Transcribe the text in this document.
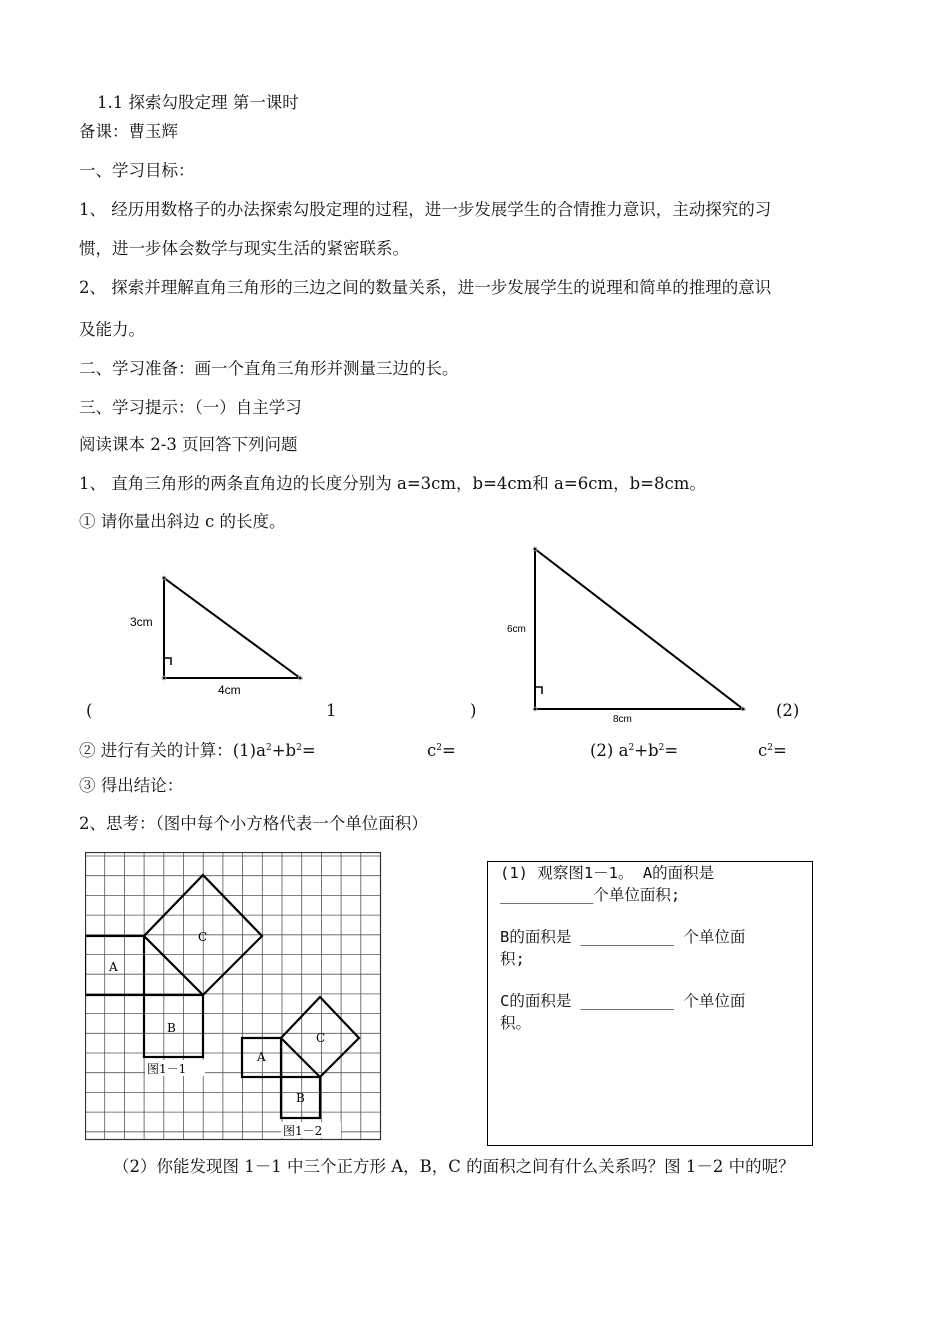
1.1 探索勾股定理 第一课时
备课：曹玉辉
一、学习目标：
1、 经历用数格子的办法探索勾股定理的过程，进一步发展学生的合情推力意识，主动探究的习
惯，进一步体会数学与现实生活的紧密联系。
2、 探索并理解直角三角形的三边之间的数量关系，进一步发展学生的说理和简单的推理的意识
及能力。
二、学习准备：画一个直角三角形并测量三边的长。
三、学习提示：（一）自主学习
阅读课本 2-3 页回答下列问题
1、 直角三角形的两条直角边的长度分别为 a=3cm，b=4cm和 a=6cm，b=8cm。
① 请你量出斜边 c 的长度。
3cm
4cm
(	1	)
6cm
8cm	(2)
② 进行有关的计算：$(1)a^2+b^2=$	$c^2=$	(2) $a^2+b^2=$	$c^2=$
③ 得出结论：
2、思考：（图中每个小方格代表一个单位面积）
A
B
C
图1－1
A
B
C
图1－2

(1) 观察图1－1。 A的面积是

__________个单位面积;

B的面积是 __________ 个单位面

积;

C的面积是 __________ 个单位面

积。

（2）你能发现图 1－1 中三个正方形 A，B，C 的面积之间有什么关系吗？图 1－2 中的呢？
